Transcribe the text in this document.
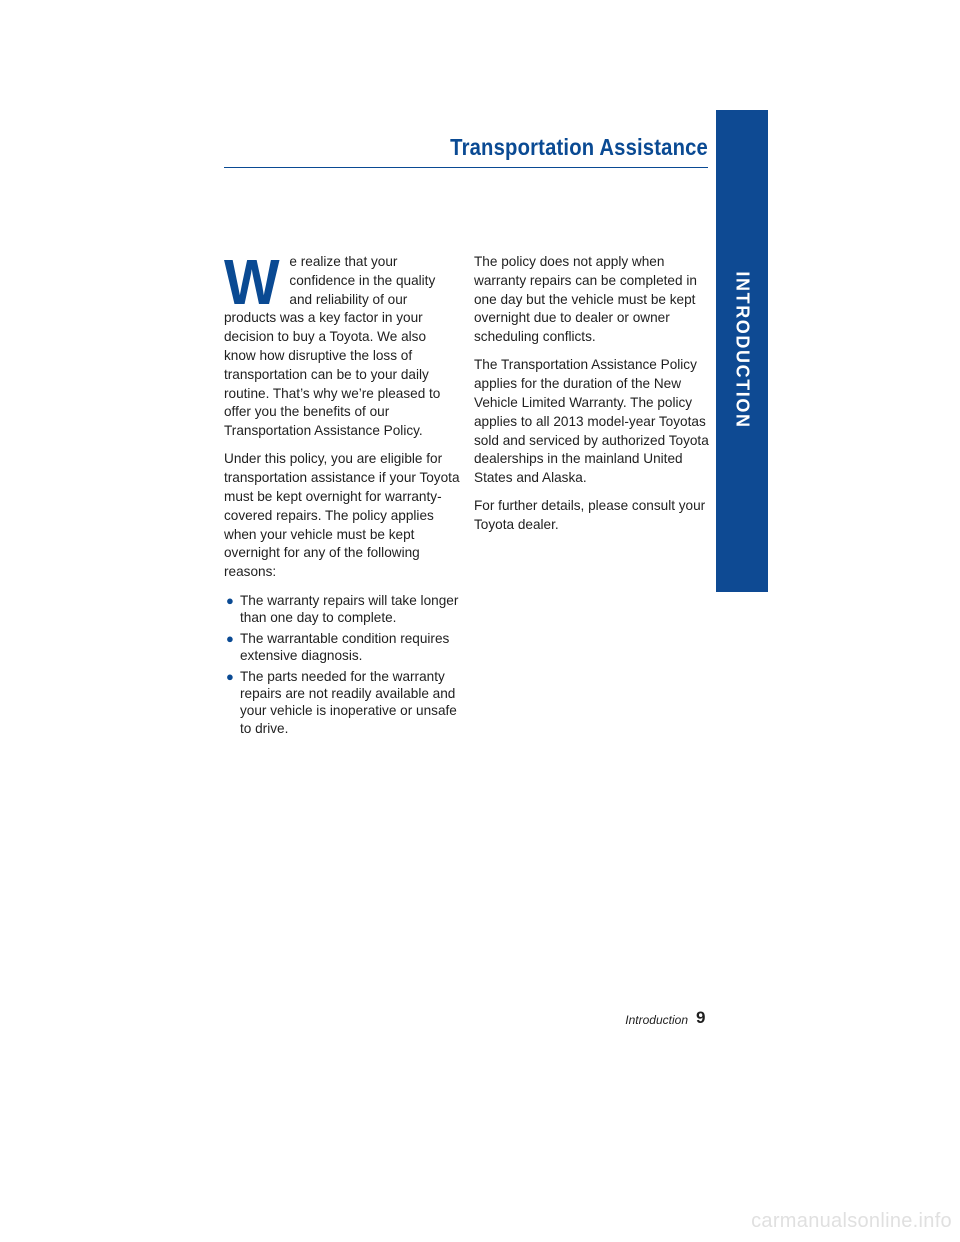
INTRODUCTION
Transportation Assistance

W e realize that your confidence in the quality and reliability of our products was a key factor in your decision to buy a Toyota. We also know how disruptive the loss of transportation can be to your daily routine. That’s why we’re pleased to offer you the benefits of our Transportation Assistance Policy.

Under this policy, you are eligible for transportation assistance if your Toyota must be kept overnight for warranty-covered repairs. The policy applies when your vehicle must be kept overnight for any of the following reasons:

● The warranty repairs will take longer than one day to complete.
● The warrantable condition requires extensive diagnosis.
● The parts needed for the warranty repairs are not readily available and your vehicle is inoperative or unsafe to drive.

The policy does not apply when warranty repairs can be completed in one day but the vehicle must be kept overnight due to dealer or owner scheduling conflicts.

The Transportation Assistance Policy applies for the duration of the New Vehicle Limited Warranty. The policy applies to all 2013 model-year Toyotas sold and serviced by authorized Toyota dealerships in the mainland United States and Alaska.

For further details, please consult your Toyota dealer.

Introduction 9
carmanualsonline.info
